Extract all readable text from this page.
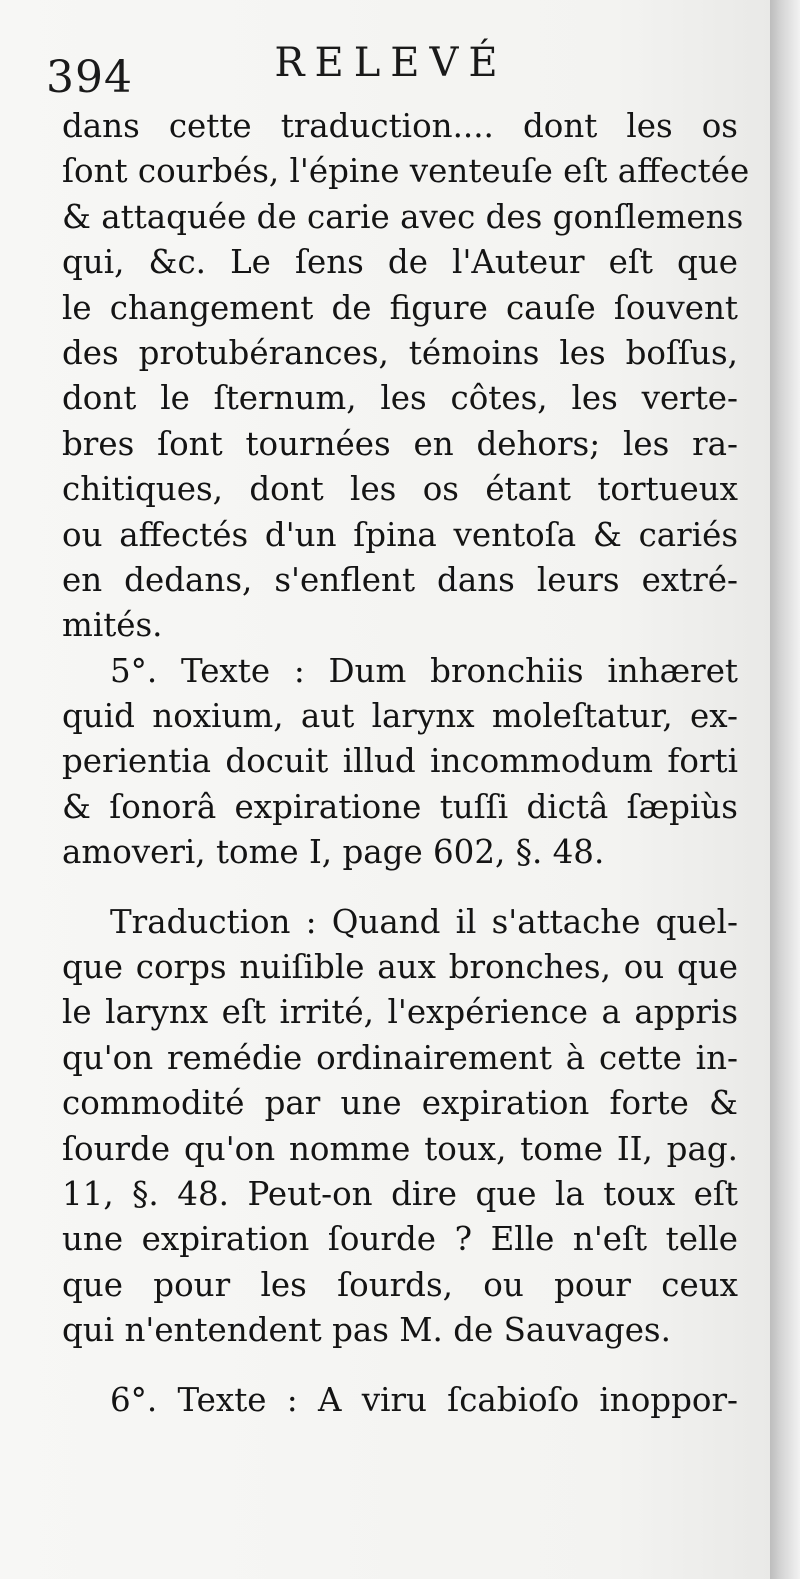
394	RELEVÉ
dans cette traduction.... dont les os
ſont courbés, l'épine venteuſe eſt affectée
& attaquée de carie avec des gonſlemens
qui, &c. Le ſens de l'Auteur eſt que
le changement de figure cauſe ſouvent
des protubérances, témoins les boſſus,
dont le ſternum, les côtes, les verte-
bres ſont tournées en dehors; les ra-
chitiques, dont les os étant tortueux
ou affectés d'un ſpina ventoſa & cariés
en dedans, s'enflent dans leurs extré-
mités.
5°. Texte : Dum bronchiis inhæret
quid noxium, aut larynx moleſtatur, ex-
perientia docuit illud incommodum forti
& ſonorâ expiratione tuſſi dictâ ſæpiùs
amoveri, tome I, page 602, §. 48.
Traduction : Quand il s'attache quel-
que corps nuiſible aux bronches, ou que
le larynx eſt irrité, l'expérience a appris
qu'on remédie ordinairement à cette in-
commodité par une expiration forte &
ſourde qu'on nomme toux, tome II, pag.
11, §. 48. Peut-on dire que la toux eſt
une expiration ſourde ? Elle n'eſt telle
que pour les ſourds, ou pour ceux
qui n'entendent pas M. de Sauvages.
6°. Texte : A viru ſcabioſo inoppor-
